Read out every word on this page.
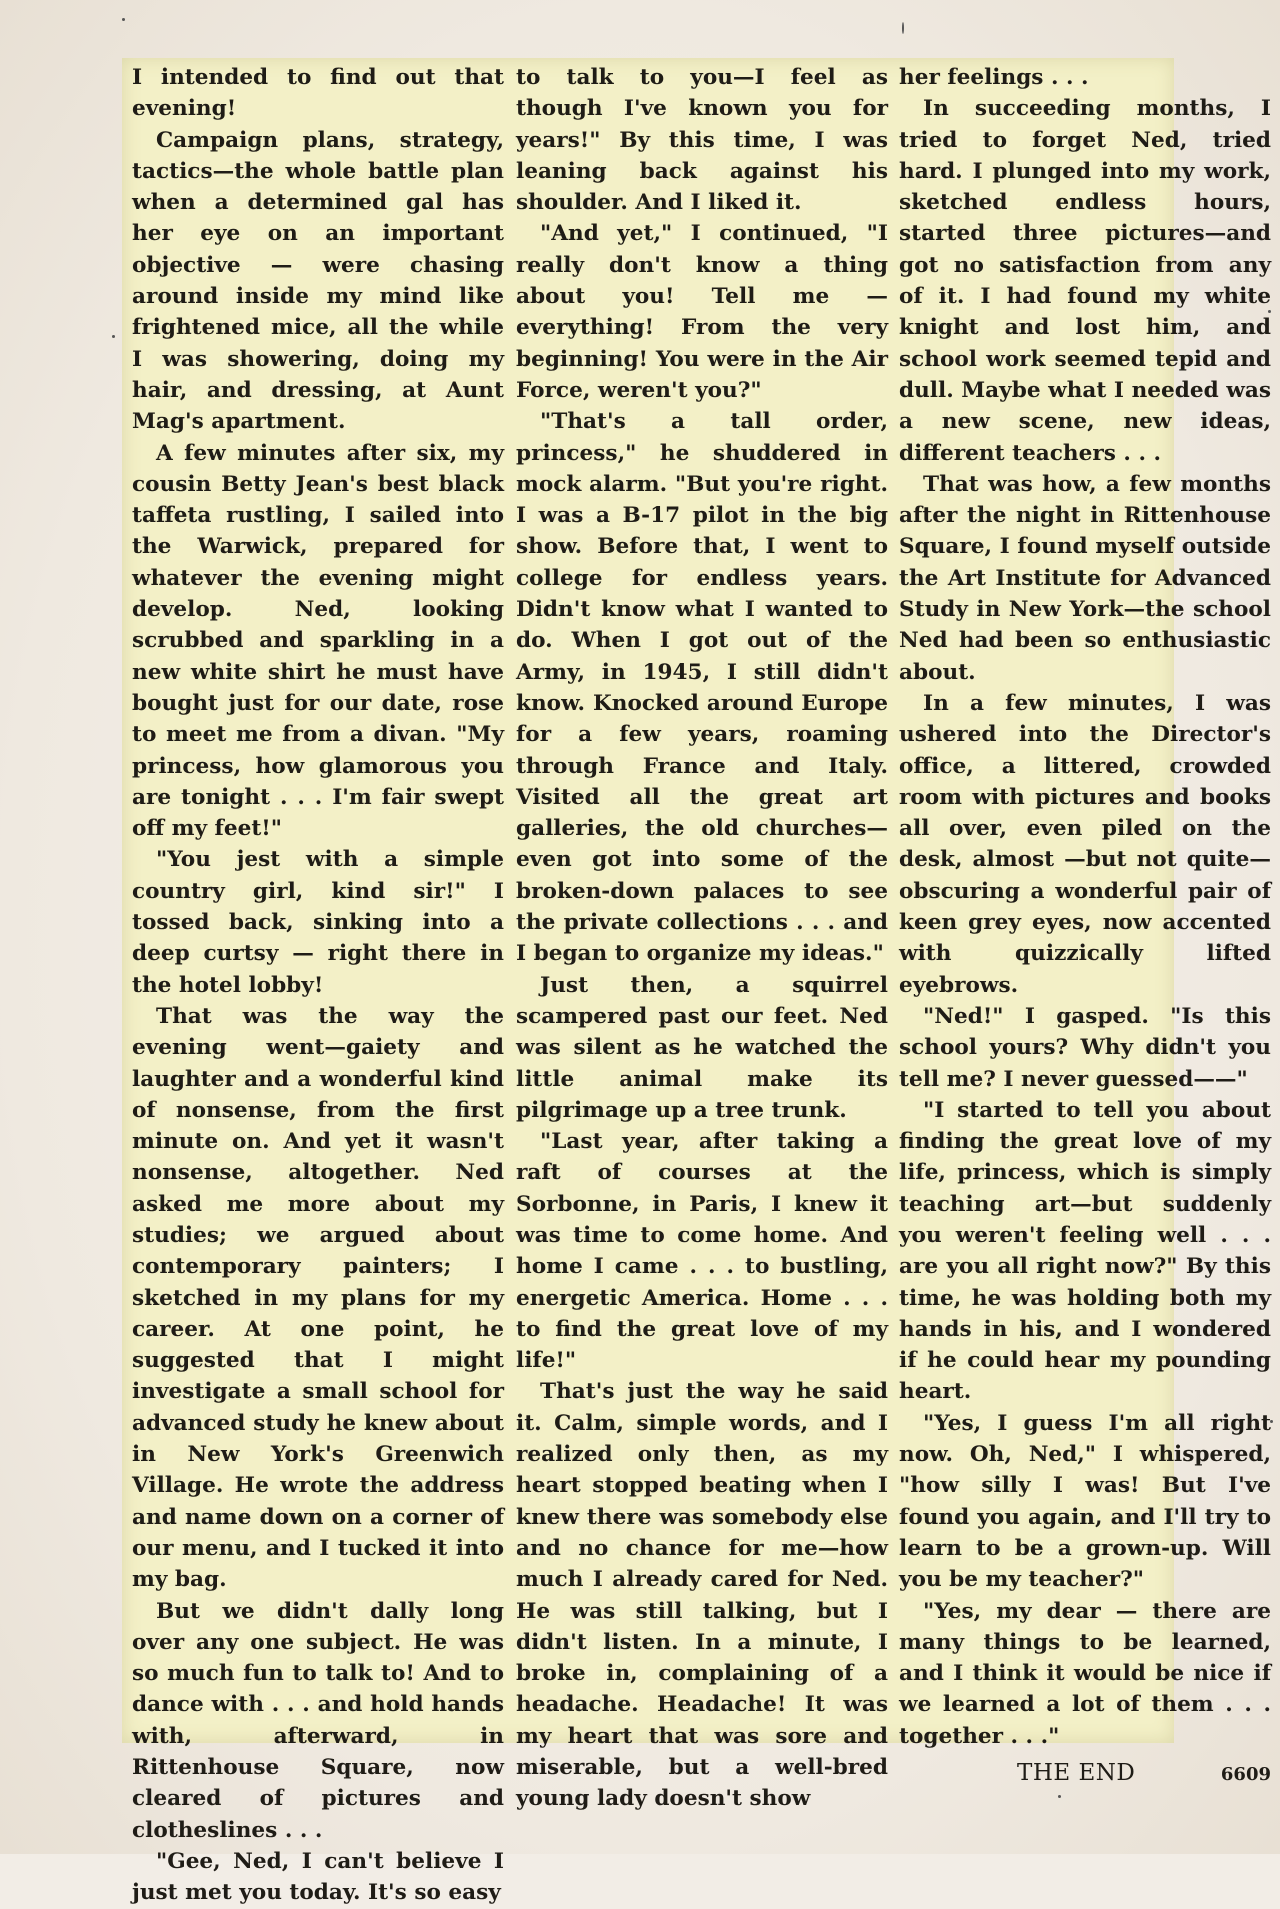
I intended to find out that evening!

Campaign plans, strategy, tactics—the whole battle plan when a determined gal has her eye on an important objective — were chasing around inside my mind like frightened mice, all the while I was showering, doing my hair, and dressing, at Aunt Mag's apartment.

A few minutes after six, my cousin Betty Jean's best black taffeta rustling, I sailed into the Warwick, prepared for whatever the evening might develop. Ned, looking scrubbed and sparkling in a new white shirt he must have bought just for our date, rose to meet me from a divan. "My princess, how glamorous you are tonight . . . I'm fair swept off my feet!"

"You jest with a simple country girl, kind sir!" I tossed back, sinking into a deep curtsy — right there in the hotel lobby!

That was the way the evening went—gaiety and laughter and a wonderful kind of nonsense, from the first minute on. And yet it wasn't nonsense, altogether. Ned asked me more about my studies; we argued about contemporary painters; I sketched in my plans for my career. At one point, he suggested that I might investigate a small school for advanced study he knew about in New York's Greenwich Village. He wrote the address and name down on a corner of our menu, and I tucked it into my bag.

But we didn't dally long over any one subject. He was so much fun to talk to! And to dance with . . . and hold hands with, afterward, in Rittenhouse Square, now cleared of pictures and clotheslines . . .

"Gee, Ned, I can't believe I just met you today. It's so easy

to talk to you—I feel as though I've known you for years!" By this time, I was leaning back against his shoulder. And I liked it.

"And yet," I continued, "I really don't know a thing about you! Tell me — everything! From the very beginning! You were in the Air Force, weren't you?"

"That's a tall order, princess," he shuddered in mock alarm. "But you're right. I was a B-17 pilot in the big show. Before that, I went to college for endless years. Didn't know what I wanted to do. When I got out of the Army, in 1945, I still didn't know. Knocked around Europe for a few years, roaming through France and Italy. Visited all the great art galleries, the old churches—even got into some of the broken-down palaces to see the private collections . . . and I began to organize my ideas."

Just then, a squirrel scampered past our feet. Ned was silent as he watched the little animal make its pilgrimage up a tree trunk.

"Last year, after taking a raft of courses at the Sorbonne, in Paris, I knew it was time to come home. And home I came . . . to bustling, energetic America. Home . . . to find the great love of my life!"

That's just the way he said it. Calm, simple words, and I realized only then, as my heart stopped beating when I knew there was somebody else and no chance for me—how much I already cared for Ned. He was still talking, but I didn't listen. In a minute, I broke in, complaining of a headache. Headache! It was my heart that was sore and miserable, but a well-bred young lady doesn't show

her feelings . . .

In succeeding months, I tried to forget Ned, tried hard. I plunged into my work, sketched endless hours, started three pictures—and got no satisfaction from any of it. I had found my white knight and lost him, and school work seemed tepid and dull. Maybe what I needed was a new scene, new ideas, different teachers . . .

That was how, a few months after the night in Rittenhouse Square, I found myself outside the Art Institute for Advanced Study in New York—the school Ned had been so enthusiastic about.

In a few minutes, I was ushered into the Director's office, a littered, crowded room with pictures and books all over, even piled on the desk, almost —but not quite—obscuring a wonderful pair of keen grey eyes, now accented with quizzically lifted eyebrows.

"Ned!" I gasped. "Is this school yours? Why didn't you tell me? I never guessed——"

"I started to tell you about finding the great love of my life, princess, which is simply teaching art—but suddenly you weren't feeling well . . . are you all right now?" By this time, he was holding both my hands in his, and I wondered if he could hear my pounding heart.

"Yes, I guess I'm all right now. Oh, Ned," I whispered, "how silly I was! But I've found you again, and I'll try to learn to be a grown-up. Will you be my teacher?"

"Yes, my dear — there are many things to be learned, and I think it would be nice if we learned a lot of them . . . together . . ."

THE END	6609
